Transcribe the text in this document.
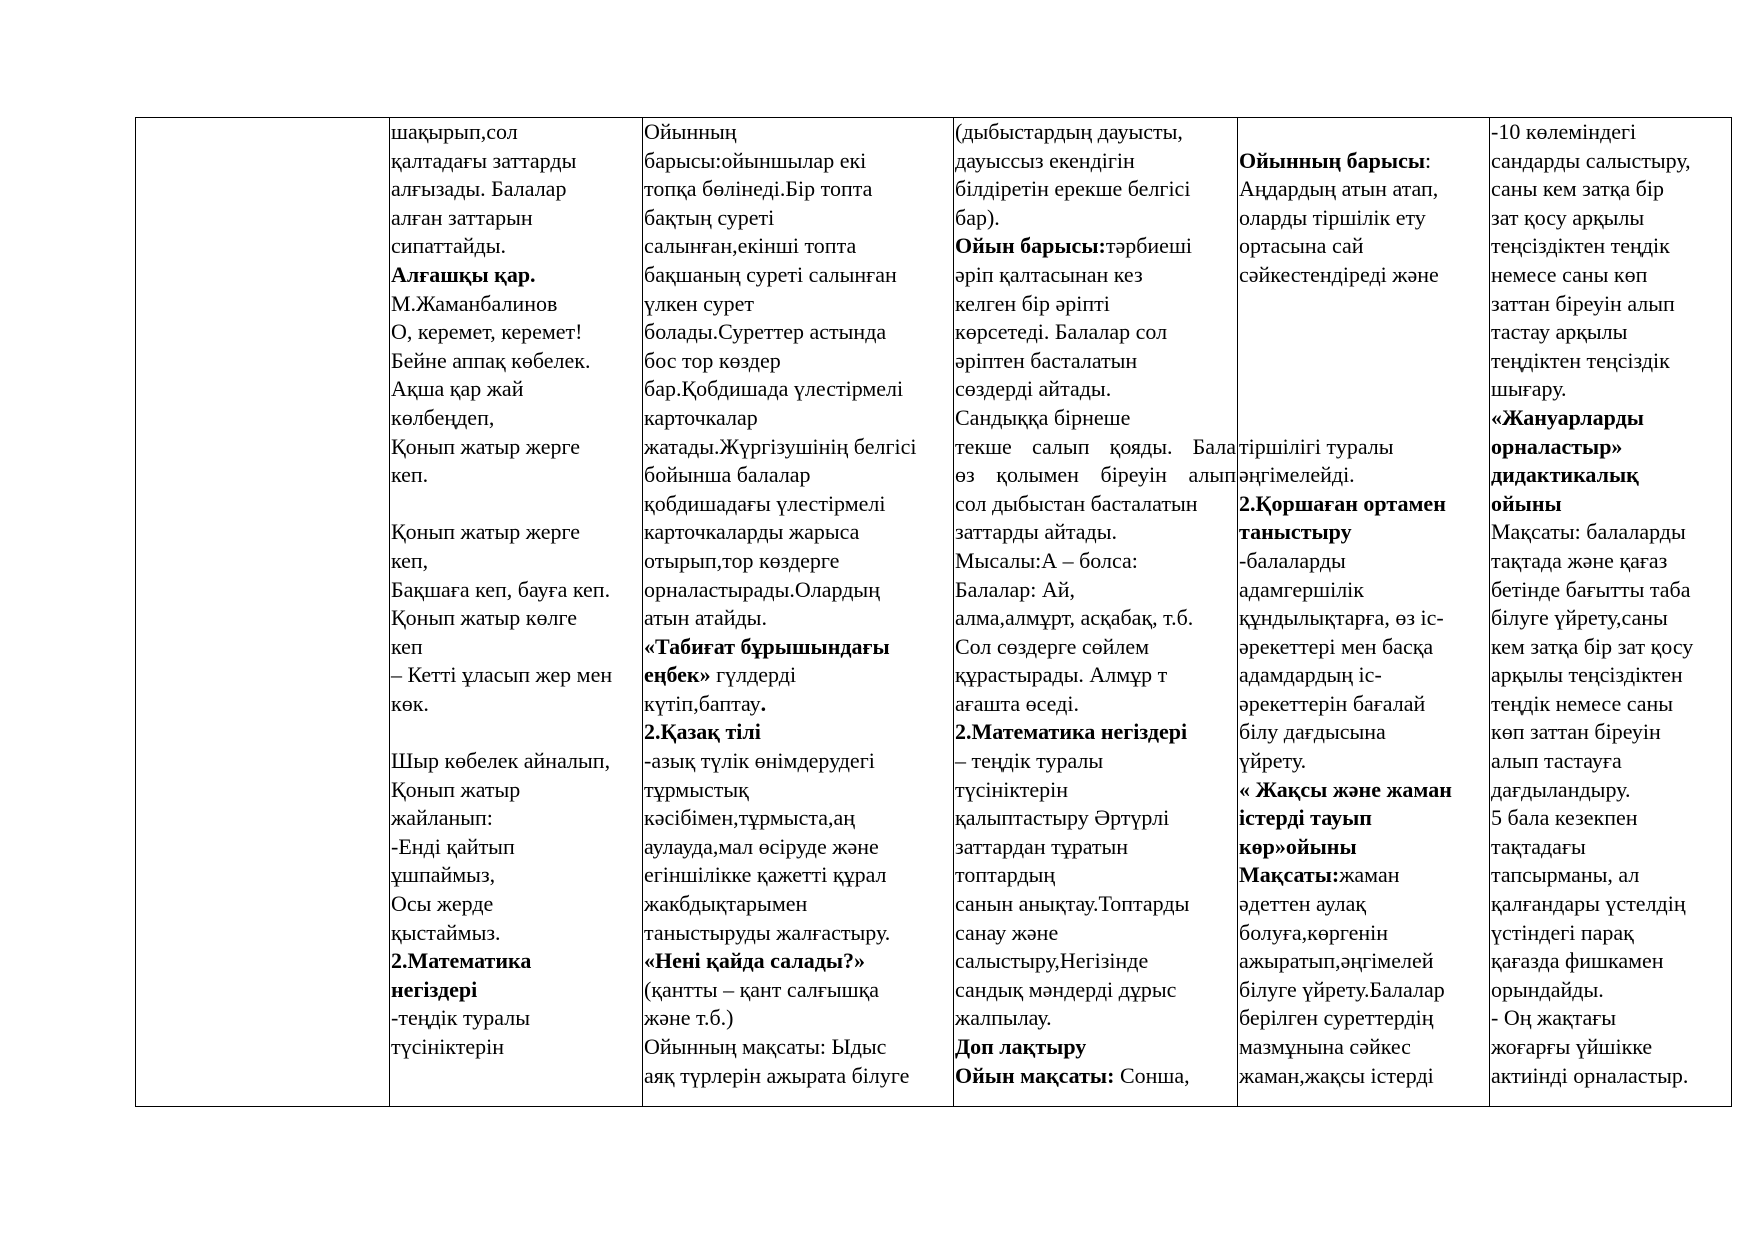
шақырып,сол
қалтадағы заттарды
алғызады. Балалар
алған заттарын
сипаттайды.
Алғашқы қар.
М.Жаманбалинов
О, керемет, керемет!
Бейне аппақ көбелек.
Ақша қар жай
көлбеңдеп,
Қонып жатыр жерге
кеп.
Қонып жатыр жерге
кеп,
Бақшаға кеп, бауға кеп.
Қонып жатыр көлге
кеп
– Кетті ұласып жер мен
көк.
Шыр көбелек айналып,
Қонып жатыр
жайланып:
-Енді қайтып
ұшпаймыз,
Осы жерде
қыстаймыз.
2.Математика
негіздері
-теңдік туралы
түсініктерін

Ойынның
барысы:ойыншылар екі
топқа бөлінеді.Бір топта
бақтың суреті
салынған,екінші топта
бақшаның суреті салынған
үлкен сурет
болады.Суреттер астында
бос тор көздер
бар.Қобдишада үлестірмелі
карточкалар
жатады.Жүргізушінің белгісі
бойынша балалар
қобдишадағы үлестірмелі
карточкаларды жарыса
отырып,тор көздерге
орналастырады.Олардың
атын атайды.
«Табиғат бұрышындағы
еңбек» гүлдерді
күтіп,баптау.
2.Қазақ тілі
-азық түлік өнімдерудегі
тұрмыстық
кәсібімен,тұрмыста,аң
аулауда,мал өсіруде және
егіншілікке қажетті құрал
жакбдықтарымен
таныстыруды жалғастыру.
«Нені қайда салады?»
(қантты – қант салғышқа
және т.б.)
Ойынның мақсаты: Ыдыс
аяқ түрлерін ажырата білуге

(дыбыстардың дауысты,
дауыссыз екендігін
білдіретін ерекше белгісі
бар).
Ойын барысы:тәрбиеші
әріп қалтасынан кез
келген бір әріпті
көрсетеді. Балалар сол
әріптен басталатын
сөздерді айтады.
Сандыққа бірнеше
текше салып қояды. Бала
өз қолымен біреуін алып
сол дыбыстан басталатын
заттарды айтады.
Мысалы:А – болса:
Балалар: Ай,
алма,алмұрт, асқабақ, т.б.
Сол сөздерге сөйлем
құрастырады. Алмұр т
ағашта өседі.
2.Математика негіздері
– теңдік туралы
түсініктерін
қалыптастыру Әртүрлі
заттардан тұратын
топтардың
санын анықтау.Топтарды
санау және
салыстыру,Негізінде
сандық мәндерді дұрыс
жалпылау.
Доп лақтыру
Ойын мақсаты: Сонша,

Ойынның барысы:
Аңдардың атын атап,
оларды тіршілік ету
ортасына сай
сәйкестендіреді және
тіршілігі туралы
әңгімелейді.
2.Қоршаған ортамен
таныстыру
-балаларды
адамгершілік
құндылықтарға, өз іс-
әрекеттері мен басқа
адамдардың іс-
әрекеттерін бағалай
білу дағдысына
үйрету.
« Жақсы және жаман
істерді тауып
көр»ойыны
Мақсаты:жаман
әдеттен аулақ
болуға,көргенін
ажыратып,әңгімелей
білуге үйрету.Балалар
берілген суреттердің
мазмұнына сәйкес
жаман,жақсы істерді

-10 көлеміндегі
сандарды салыстыру,
саны кем затқа бір
зат қосу арқылы
теңсіздіктен теңдік
немесе саны көп
заттан біреуін алып
тастау арқылы
теңдіктен теңсіздік
шығару.
«Жануарларды
орналастыр»
дидактикалық
ойыны
Мақсаты: балаларды
тақтада және қағаз
бетінде бағытты таба
білуге үйрету,саны
кем затқа бір зат қосу
арқылы теңсіздіктен
теңдік немесе саны
көп заттан біреуін
алып тастауға
дағдыландыру.
5 бала кезекпен
тақтадағы
тапсырманы, ал
қалғандары үстелдің
үстіндегі парақ
қағазда фишкамен
орындайды.
- Оң жақтағы
жоғарғы үйшікке
актиінді орналастыр.
